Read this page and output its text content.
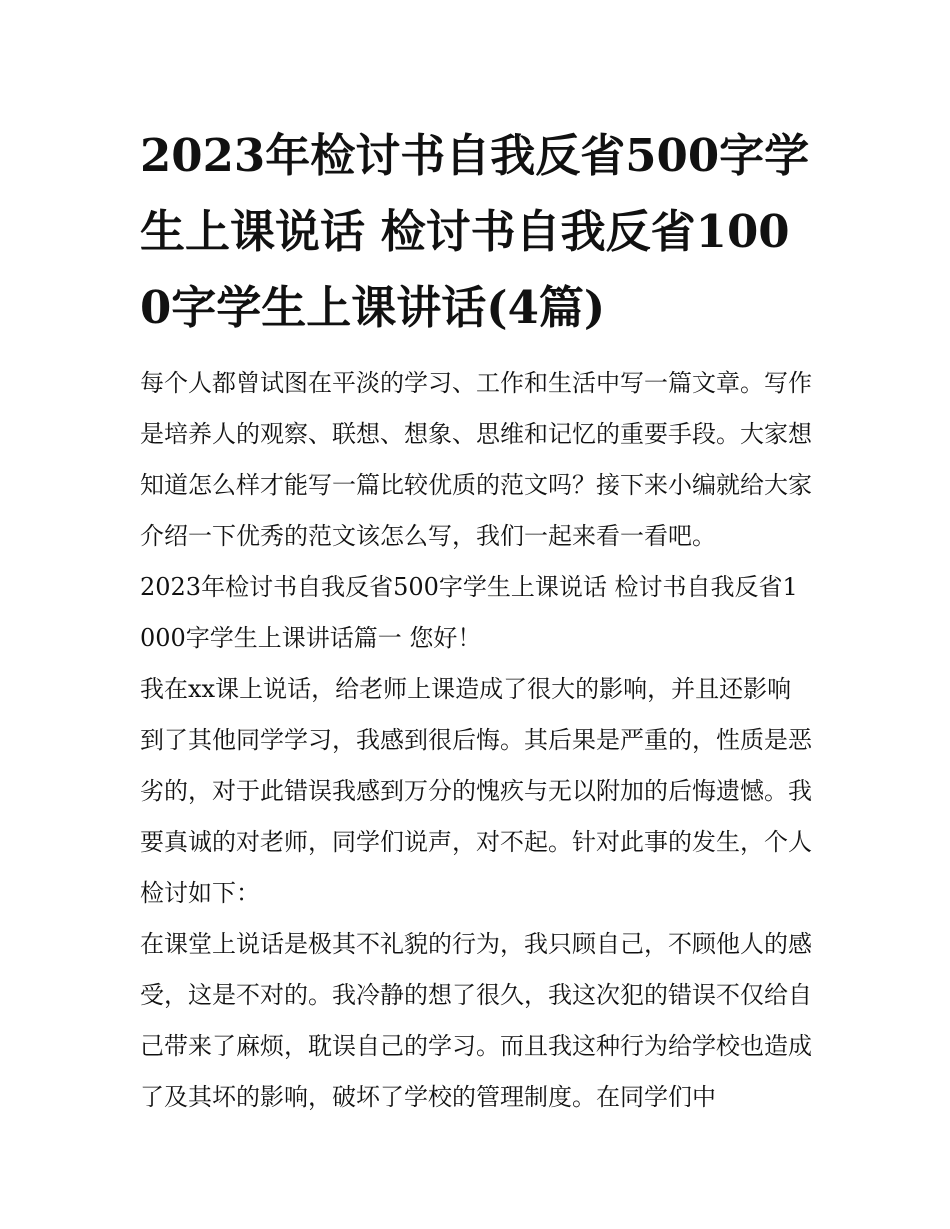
2023年检讨书自我反省500字学生上课说话 检讨书自我反省1000字学生上课讲话(4篇)

每个人都曾试图在平淡的学习、工作和生活中写一篇文章。写作是培养人的观察、联想、想象、思维和记忆的重要手段。大家想知道怎么样才能写一篇比较优质的范文吗？接下来小编就给大家介绍一下优秀的范文该怎么写，我们一起来看一看吧。

2023年检讨书自我反省500字学生上课说话 检讨书自我反省1000字学生上课讲话篇一 您好！

我在xx课上说话，给老师上课造成了很大的影响，并且还影响到了其他同学学习，我感到很后悔。其后果是严重的，性质是恶劣的，对于此错误我感到万分的愧疚与无以附加的后悔遗憾。我要真诚的对老师，同学们说声，对不起。针对此事的发生，个人检讨如下：

在课堂上说话是极其不礼貌的行为，我只顾自己，不顾他人的感受，这是不对的。我冷静的想了很久，我这次犯的错误不仅给自己带来了麻烦，耽误自己的学习。而且我这种行为给学校也造成了及其坏的影响，破坏了学校的管理制度。在同学们中
